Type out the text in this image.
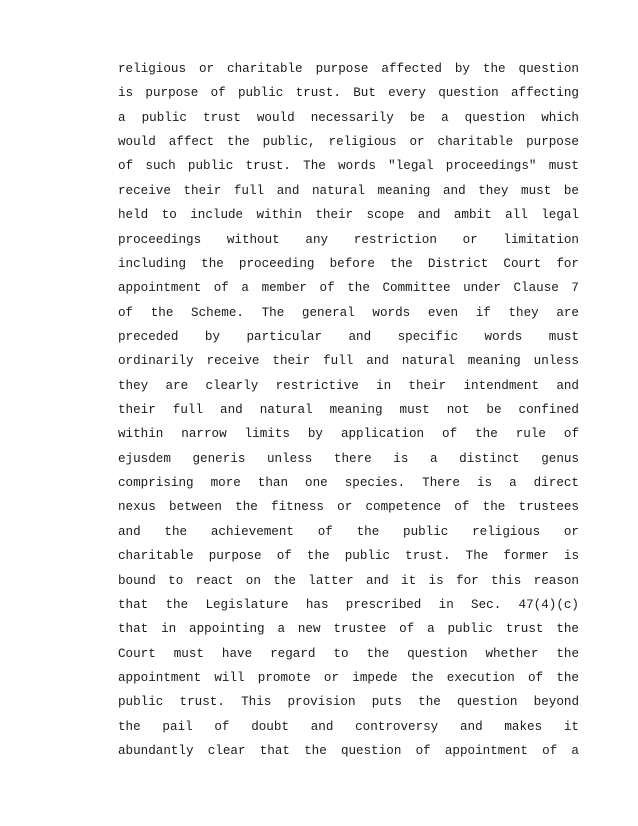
religious or charitable purpose affected by the question
is purpose of public trust. But every question affecting
a public trust would necessarily be a question which
would affect the public, religious or charitable purpose
of such public trust. The words "legal proceedings" must
receive their full and natural meaning and they must be
held to include within their scope and ambit all legal
proceedings without any restriction or limitation
including the proceeding before the District Court for
appointment of a member of the Committee under Clause 7
of the Scheme. The general words even if they are
preceded by particular and specific words must
ordinarily receive their full and natural meaning unless
they are clearly restrictive in their intendment and
their full and natural meaning must not be confined
within narrow limits by application of the rule of
ejusdem generis unless there is a distinct genus
comprising more than one species. There is a direct
nexus between the fitness or competence of the trustees
and the achievement of the public religious or
charitable purpose of the public trust. The former is
bound to react on the latter and it is for this reason
that the Legislature has prescribed in Sec. 47(4)(c)
that in appointing a new trustee of a public trust the
Court must have regard to the question whether the
appointment will promote or impede the execution of the
public trust. This provision puts the question beyond
the pail of doubt and controversy and makes it
abundantly clear that the question of appointment of a
